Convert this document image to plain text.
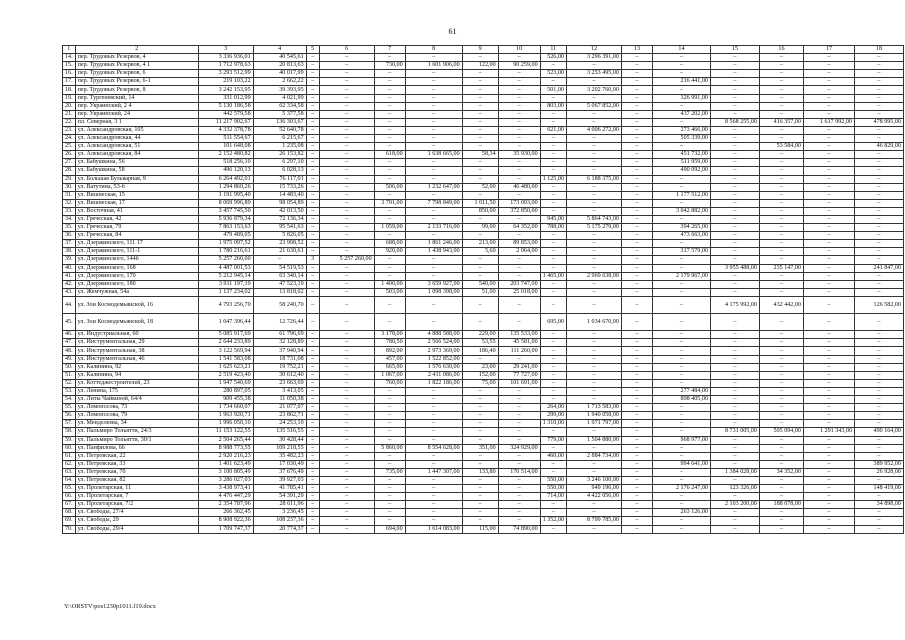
61
1	2	3	4	5	6	7	8	9	10	11	12	13	14	15	16	17	18
14.	пер. Трудовых Резервов, 4	3 336 936,01	40 545,61	–	–	–	–	–	–	526,00	3 296 391,00	–	–	–	–	–	–
15.	пер. Трудовых Резервов, 4 1	1 712 978,63	20 813,63	–	–	730,00	1 601 906,00	122,00	90 259,00	–	–	–	–	–	–	–	–
16.	пер. Трудовых Резервов, 6	3 293 512,99	40 017,99	–	–	–	–	–	–	523,00	3 253 495,00	–	–	–	–	–	–
17.	пер. Трудовых Резервов, 6-1	219 103,22	2 662,22	–	–	–	–	–	–	–	–	–	216 441,00	–	–	–	–
18.	пер. Трудовых Резервов, 8	3 242 153,95	39 393,95	–	–	–	–	–	–	501,00	3 202 760,00	–	–	–	–	–	–
19.	пер. Тургеневский, 14	331 012,99	4 021,99	–	–	–	–	–	–	–	–	–	326 991,00	–	–	–	–
20.	пер. Украинский, 2 4	5 130 186,58	62 334,58	–	–	–	–	–	–	803,00	5 067 852,00	–	–	–	–	–	–
21.	пер. Украинский, 24	442 579,58	5 377,58	–	–	–	–	–	–	–	–	–	437 202,00	–	–	–	–
22.	пл. Северная, 3 1	11 217 902,67	136 303,67	–	–	–	–	–	–	–	–	–	–	8 568 255,00	416 357,00	1 617 992,00	478 995,00
23.	ул. Александровская, 105	4 332 378,78	52 640,78	–	–	–	–	–	–	621,00	4 006 272,00	–	273 466,00	–	–	–	–
24.	ул. Александровская, 44	511 554,67	6 215,67	–	–	–	–	–	–	–	–	–	505 339,00	–	–	–	–
25.	ул. Александровская, 51	101 648,08	1 235,08	–	–	–	–	–	–	–	–	–	–	–	53 584,00	–	46 829,00
26.	ул. Александровская, 84	2 152 480,82	26 153,82	–	–	618,00	1 638 665,00	58,34	35 930,00	–	–	–	451 732,00	–	–	–	–
27.	ул. Бабушкина, 56	518 256,10	6 297,10	–	–	–	–	–	–	–	–	–	511 959,00	–	–	–	–
28.	ул. Бабушкина, 58	496 120,13	6 028,13	–	–	–	–	–	–	–	–	–	490 092,00	–	–	–	–
29.	ул. Большая Бульварная, 9	6 264 492,01	76 117,01	–	–	–	–	–	–	1 125,00	6 188 375,00	–	–	–	–	–	–
30.	ул. Ватутина, 53-б	1 294 860,26	15 733,26	–	–	506,00	1 232 647,00	52,00	46 480,00	–	–	–	–	–	–	–	–
31.	ул. Вишнеская, 15	1 191 995,40	14 483,40	–	–	–	–	–	–	–	–	–	1 177 512,00	–	–	–	–
32.	ул. Вишнеская, 17	8 069 996,89	98 054,89	–	–	3 791,00	7 798 849,00	1 011,50	173 093,00	–	–	–	–	–	–	–	–
33.	ул. Восточная, 41	3 457 745,50	42 013,50	–	–	–	–	850,00	372 850,00	–	–	–	3 042 882,00	–	–	–	–
34.	ул. Греческая, 42	5 936 879,34	72 136,34	–	–	–	–	–	–	945,00	5 864 743,00	–	–	–	–	–	–
35.	ул. Греческая, 79	7 863 153,63	95 541,63	–	–	1 059,00	2 133 716,00	99,00	64 352,00	788,00	5 175 279,00	–	394 265,00	–	–	–	–
36.	ул. Греческая, 84	479 489,05	5 826,05	–	–	–	–	–	–	–	–	–	473 663,00	–	–	–	–
37.	ул. Дзержинского, 111 17	1 975 097,52	23 998,52	–	–	688,00	1 861 246,00	213,00	89 853,00	–	–	–	–	–	–	–	–
38.	ул. Дзержинского, 111-1	1 780 216,61	21 630,61	–	–	920,00	1 438 943,00	5,60	2 064,00	–	–	–	317 579,00	–	–	–	–
39.	ул. Дзержинского, 144б	5 257 260,00	–	3	5 257 260,00	–	–	–	–	–	–	–	–	–	–	–	–
40.	ул. Дзержинского, 168	4 487 001,53	54 519,53	–	–	–	–	–	–	–	–	–	–	3 955 488,00	235 147,00	–	241 847,00
41.	ул. Дзержинского, 170	5 212 945,14	63 340,14	–	–	–	–	–	–	1 465,00	2 969 638,00	–	2 179 967,00	–	–	–	–
42.	ул. Дзержинского, 180	3 911 197,19	47 523,19	–	–	1 400,00	3 659 927,00	540,00	203 747,00	–	–	–	–	–	–	–	–
43.	ул. Жемчужная, 54а	1 137 234,02	13 818,02	–	–	503,00	1 098 398,00	51,00	25 018,00	–	–	–	–	–	–	–	–
44.	ул. Зои Космодемьянской, 16	4 793 256,70	58 240,70	–	–	–	–	–	–	–	–	–	–	4 175 992,00	432 442,00	–	126 582,00
45.	ул. Зои Космодемьянской, 18	1 047 396,44	12 726,44	–	–	–	–	–	–	695,00	1 034 670,00	–	–	–	–	–	–
46.	ул. Индустриальная, 60	5 085 917,69	61 796,69	–	–	3 178,00	4 888 588,00	229,00	135 533,00	–	–	–	–	–	–	–	–
47.	ул. Инструментальная, 29	2 644 233,89	32 128,89	–	–	780,50	2 566 524,00	53,55	45 581,00	–	–	–	–	–	–	–	–
48.	ул. Инструментальная, 38	3 122 569,94	37 940,94	–	–	892,00	2 973 369,00	186,40	111 260,00	–	–	–	–	–	–	–	–
49.	ул. Инструментальная, 46	1 541 583,08	18 731,08	–	–	457,00	1 522 852,00	–	–	–	–	–	–	–	–	–	–
50.	ул. Калинина, 92	1 625 623,21	19 752,21	–	–	665,00	1 576 630,00	23,00	29 241,00	–	–	–	–	–	–	–	–
51.	ул. Калинина, 94	2 519 423,40	30 612,40	–	–	1 067,00	2 411 086,00	152,00	77 727,00	–	–	–	–	–	–	–	–
52.	ул. Коттеджестроителей, 23	1 947 540,69	23 663,69	–	–	760,00	1 822 186,00	75,00	101 691,00	–	–	–	–	–	–	–	–
53.	ул. Ленина, 175	280 897,05	3 413,05	–	–	–	–	–	–	–	–	–	277 484,00	–	–	–	–
54.	ул. Литы Чайкиной, 64/4	909 455,38	11 050,38	–	–	–	–	–	–	–	–	–	898 405,00	–	–	–	–
55.	ул. Ломоносова, 73	1 734 660,07	21 077,07	–	–	–	–	–	–	264,00	1 713 583,00	–	–	–	–	–	–
56.	ул. Ломоносова, 79	1 963 920,71	23 862,71	–	–	–	–	–	–	299,00	1 940 058,00	–	–	–	–	–	–
57.	ул. Менделеева, 34	1 996 050,10	24 253,10	–	–	–	–	–	–	1 310,00	1 971 797,00	–	–	–	–	–	–
58.	ул. Пальмиро Тольятти, 24/3	11 153 122,55	135 516,55	–	–	–	–	–	–	–	–	–	–	8 731 005,00	505 094,00	1 291 343,00	490 164,00
59.	ул. Пальмиро Тольятти, 30/1	2 504 265,44	30 428,44	–	–	–	–	–	–	779,00	1 504 880,00	–	968 977,00	–	–	–	–
60.	ул. Панфилова, 66	8 988 773,55	109 218,55	–	–	5 860,00	8 554 628,00	351,00	324 929,00	–	–	–	–	–	–	–	–
61.	ул. Петровская, 22	2 920 216,23	35 482,23	–	–	–	–	–	–	460,00	2 884 734,00	–	–	–	–	–	–
62.	ул. Петровская, 33	1 401 623,49	17 030,49	–	–	–	–	–	–	–	–	–	994 641,00	–	–	–	389 952,00
63.	ул. Петровская, 70	3 100 805,49	37 676,49	–	–	735,00	1 447 307,00	133,80	170 514,00	–	–	–	–	1 384 028,00	34 352,00	–	26 928,00
64.	ул. Петровская, 82	3 286 027,03	39 927,03	–	–	–	–	–	–	550,00	3 246 100,00	–	–	–	–	–	–
65.	ул. Пролетарская, 11	3 438 973,41	41 785,41	–	–	–	–	–	–	550,00	949 196,00	–	2 176 247,00	123 326,00	–	–	148 419,00
66.	ул. Пролетарская, 7	4 476 447,29	54 391,29	–	–	–	–	–	–	714,00	4 422 056,00	–	–	–	–	–	–
67.	ул. Пролетарская, 7/2	2 354 787,96	28 611,96	–	–	–	–	–	–	–	–	–	–	2 103 200,00	188 078,00	–	34 898,00
68.	ул. Свободы, 27/4	266 362,45	3 236,45	–	–	–	–	–	–	–	–	–	263 126,00	–	–	–	–
69.	ул. Свободы, 29	8 908 922,36	108 237,36	–	–	–	–	–	–	1 352,00	8 799 785,00	–	–	–	–	–	–
70.	ул. Свободы, 29/4	1 709 747,37	20 774,37	–	–	694,00	1 614 083,00	115,00	74 890,00	–	–	–	–	–	–	–	–
Y:\ORSTV\pos1230p1011.f19.docx
